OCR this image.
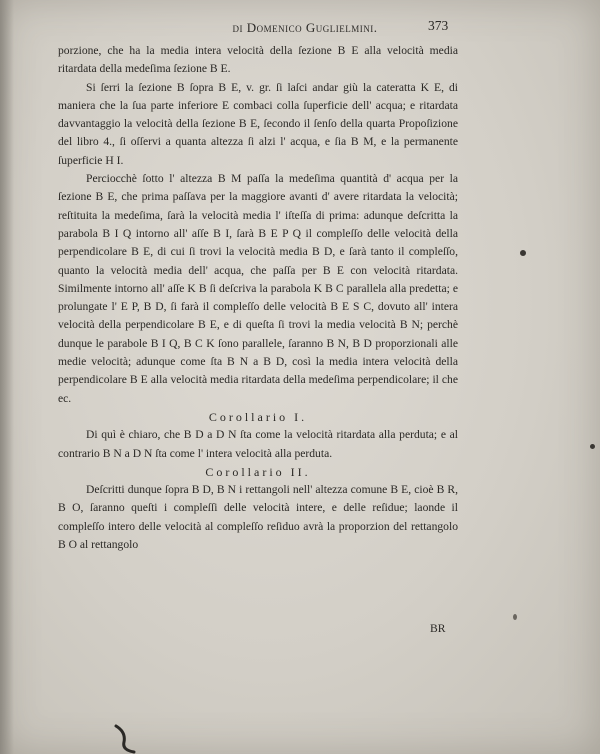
di Domenico Guglielmini.	373

porzione, che ha la media intera velocità della ſezione B E alla velocità media ritardata della medeſima ſezione B E.

Si ſerri la ſezione B ſopra B E, v. gr. ſi laſci andar giù la cateratta K E, di maniera che la ſua parte inferiore E combaci colla ſuperficie dell' acqua; e ritardata davvantaggio la velocità della ſezione B E, ſecondo il ſenſo della quarta Propoſizione del libro 4., ſi oſſervi a quanta altezza ſi alzi l' acqua, e ſia B M, e la permanente ſuperficie H I.

Perciocchè ſotto l' altezza B M paſſa la medeſima quantità d' acqua per la ſezione B E, che prima paſſava per la maggiore avanti d' avere ritardata la velocità; reſtituita la medeſima, ſarà la velocità media l' iſteſſa di prima: adunque deſcritta la parabola B I Q intorno all' aſſe B I, ſarà B E P Q il compleſſo delle velocità della perpendicolare B E, di cui ſi trovi la velocità media B D, e ſarà tanto il compleſſo, quanto la velocità media dell' acqua, che paſſa per B E con velocità ritardata. Similmente intorno all' aſſe K B ſi deſcriva la parabola K B C parallela alla predetta; e prolungate l' E P, B D, ſi farà il compleſſo delle velocità B E S C, dovuto all' intera velocità della perpendicolare B E, e di queſta ſi trovi la media velocità B N; perchè dunque le parabole B I Q, B C K ſono parallele, ſaranno B N, B D proporzionali alle medie velocità; adunque come ſta B N a B D, così la media intera velocità della perpendicolare B E alla velocità media ritardata della medeſima perpendicolare; il che ec.

Corollario I.

Di quì è chiaro, che B D a D N ſta come la velocità ritardata alla perduta; e al contrario B N a D N ſta come l' intera velocità alla perduta.

Corollario II.

Deſcritti dunque ſopra B D, B N i rettangoli nell' altezza comune B E, cioè B R, B O, ſaranno queſti i compleſſi delle velocità intere, e delle reſidue; laonde il compleſſo intero delle velocità al compleſſo reſiduo avrà la proporzion del rettangolo B O al rettangolo

BR
